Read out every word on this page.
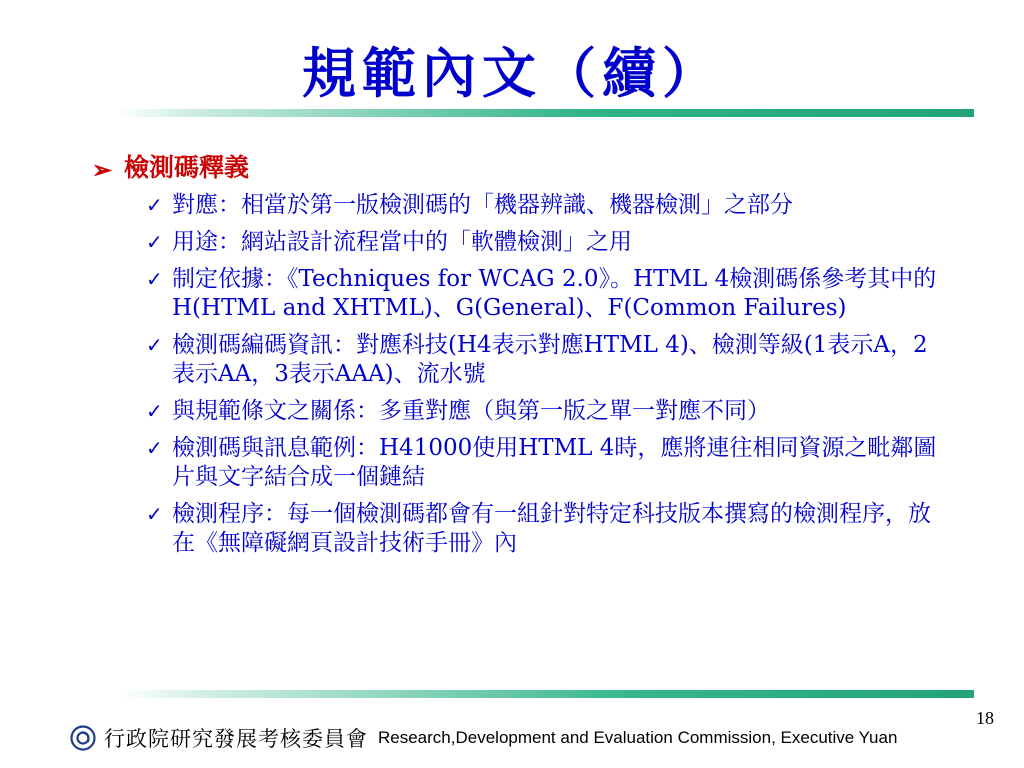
規範內文（續）
➢ 檢測碼釋義
✓ 對應：相當於第一版檢測碼的「機器辨識、機器檢測」之部分
✓ 用途：網站設計流程當中的「軟體檢測」之用
✓ 制定依據：《Techniques for WCAG 2.0》。HTML 4檢測碼係參考其中的H(HTML and XHTML)、G(General)、F(Common Failures)
✓ 檢測碼編碼資訊：對應科技(H4表示對應HTML 4)、檢測等級(1表示A，2表示AA，3表示AAA)、流水號
✓ 與規範條文之關係：多重對應（與第一版之單一對應不同）
✓ 檢測碼與訊息範例：H41000使用HTML 4時，應將連往相同資源之毗鄰圖片與文字結合成一個鏈結
✓ 檢測程序：每一個檢測碼都會有一組針對特定科技版本撰寫的檢測程序，放在《無障礙網頁設計技術手冊》內
18
行政院研究發展考核委員會 Research,Development and Evaluation Commission, Executive Yuan
